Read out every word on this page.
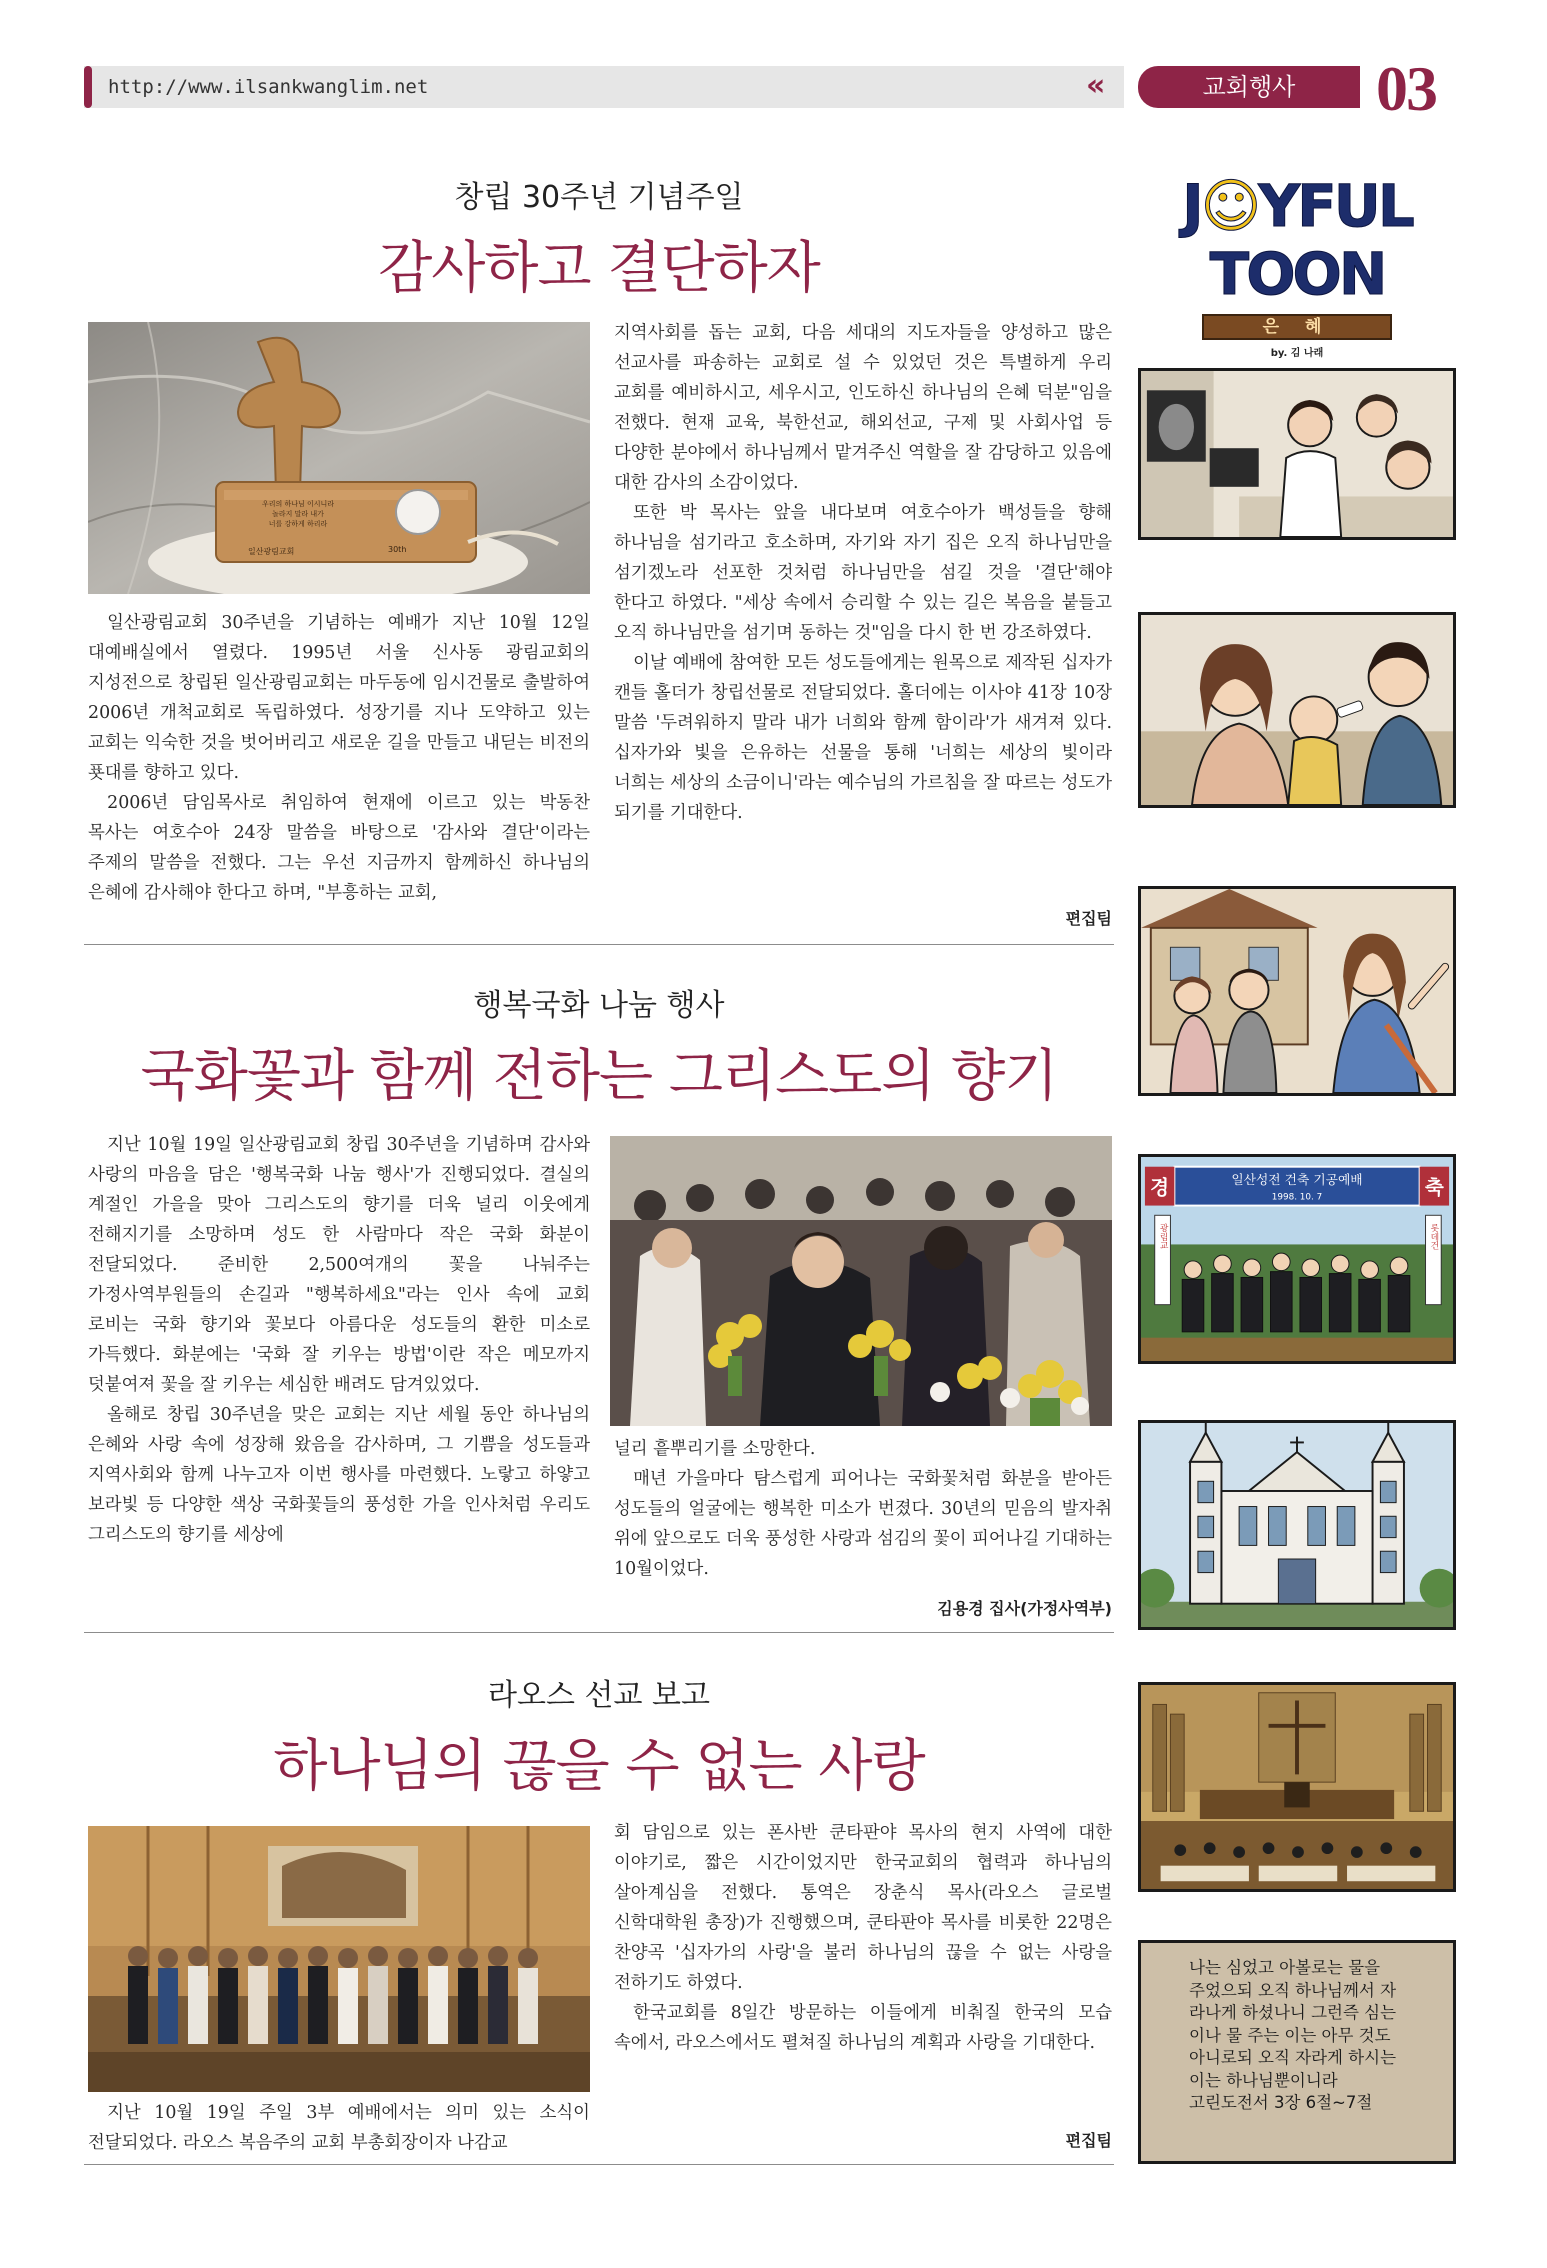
http://www.ilsankwanglim.net	«	교회행사	03
창립 30주년 기념주일
감사하고 결단하자
우리의 하나님 이시니라
놀라지 말라 내가
너를 강하게 하리라
30th
일산광림교회

일산광림교회 30주년을 기념하는 예배가 지난 10월 12일 대예배실에서 열렸다. 1995년 서울 신사동 광림교회의 지성전으로 창립된 일산광림교회는 마두동에 임시건물로 출발하여 2006년 개척교회로 독립하였다. 성장기를 지나 도약하고 있는 교회는 익숙한 것을 벗어버리고 새로운 길을 만들고 내딛는 비전의 푯대를 향하고 있다.

2006년 담임목사로 취임하여 현재에 이르고 있는 박동찬 목사는 여호수아 24장 말씀을 바탕으로 '감사와 결단'이라는 주제의 말씀을 전했다. 그는 우선 지금까지 함께하신 하나님의 은혜에 감사해야 한다고 하며, "부흥하는 교회,

지역사회를 돕는 교회, 다음 세대의 지도자들을 양성하고 많은 선교사를 파송하는 교회로 설 수 있었던 것은 특별하게 우리 교회를 예비하시고, 세우시고, 인도하신 하나님의 은혜 덕분"임을 전했다. 현재 교육, 북한선교, 해외선교, 구제 및 사회사업 등 다양한 분야에서 하나님께서 맡겨주신 역할을 잘 감당하고 있음에 대한 감사의 소감이었다.

또한 박 목사는 앞을 내다보며 여호수아가 백성들을 향해 하나님을 섬기라고 호소하며, 자기와 자기 집은 오직 하나님만을 섬기겠노라 선포한 것처럼 하나님만을 섬길 것을 '결단'해야 한다고 하였다. "세상 속에서 승리할 수 있는 길은 복음을 붙들고 오직 하나님만을 섬기며 동하는 것"임을 다시 한 번 강조하였다.

이날 예배에 참여한 모든 성도들에게는 원목으로 제작된 십자가 캔들 홀더가 창립선물로 전달되었다. 홀더에는 이사야 41장 10장 말씀 '두려워하지 말라 내가 너희와 함께 함이라'가 새겨져 있다. 십자가와 빛을 은유하는 선물을 통해 '너희는 세상의 빛이라 너희는 세상의 소금이니'라는 예수님의 가르침을 잘 따르는 성도가 되기를 기대한다.

편집팀
행복국화 나눔 행사
국화꽃과 함께 전하는 그리스도의 향기

지난 10월 19일 일산광림교회 창립 30주년을 기념하며 감사와 사랑의 마음을 담은 '행복국화 나눔 행사'가 진행되었다. 결실의 계절인 가을을 맞아 그리스도의 향기를 더욱 널리 이웃에게 전해지기를 소망하며 성도 한 사람마다 작은 국화 화분이 전달되었다. 준비한 2,500여개의 꽃을 나눠주는 가정사역부원들의 손길과 "행복하세요"라는 인사 속에 교회 로비는 국화 향기와 꽃보다 아름다운 성도들의 환한 미소로 가득했다. 화분에는 '국화 잘 키우는 방법'이란 작은 메모까지 덧붙여져 꽃을 잘 키우는 세심한 배려도 담겨있었다.

올해로 창립 30주년을 맞은 교회는 지난 세월 동안 하나님의 은혜와 사랑 속에 성장해 왔음을 감사하며, 그 기쁨을 성도들과 지역사회와 함께 나누고자 이번 행사를 마련했다. 노랗고 하얗고 보라빛 등 다양한 색상 국화꽃들의 풍성한 가을 인사처럼 우리도 그리스도의 향기를 세상에

널리 흩뿌리기를 소망한다.

매년 가을마다 탐스럽게 피어나는 국화꽃처럼 화분을 받아든 성도들의 얼굴에는 행복한 미소가 번졌다. 30년의 믿음의 발자취 위에 앞으로도 더욱 풍성한 사랑과 섬김의 꽃이 피어나길 기대하는 10월이었다.

김용경 집사(가정사역부)
라오스 선교 보고
하나님의 끊을 수 없는 사랑

지난 10월 19일 주일 3부 예배에서는 의미 있는 소식이 전달되었다. 라오스 복음주의 교회 부총회장이자 나감교

회 담임으로 있는 폰사반 쿤타판야 목사의 현지 사역에 대한 이야기로, 짧은 시간이었지만 한국교회의 협력과 하나님의 살아계심을 전했다. 통역은 장춘식 목사(라오스 글로벌 신학대학원 총장)가 진행했으며, 쿤타판야 목사를 비롯한 22명은 찬양곡 '십자가의 사랑'을 불러 하나님의 끊을 수 없는 사랑을 전하기도 하였다.

한국교회를 8일간 방문하는 이들에게 비춰질 한국의 모습 속에서, 라오스에서도 펼쳐질 하나님의 계획과 사랑을 기대한다.

편집팀
J☺YFUL TOON
은 혜
by. 김 나래
일산성전 건축 기공예배
1998. 10. 7
경	축
광림교	롯데건
나는 심었고 아볼로는 물을 주었으되 오직 하나님께서 자라나게 하셨나니 그런즉 심는 이나 물 주는 이는 아무 것도 아니로되 오직 자라게 하시는 이는 하나님뿐이니라
고린도전서 3장 6절~7절
